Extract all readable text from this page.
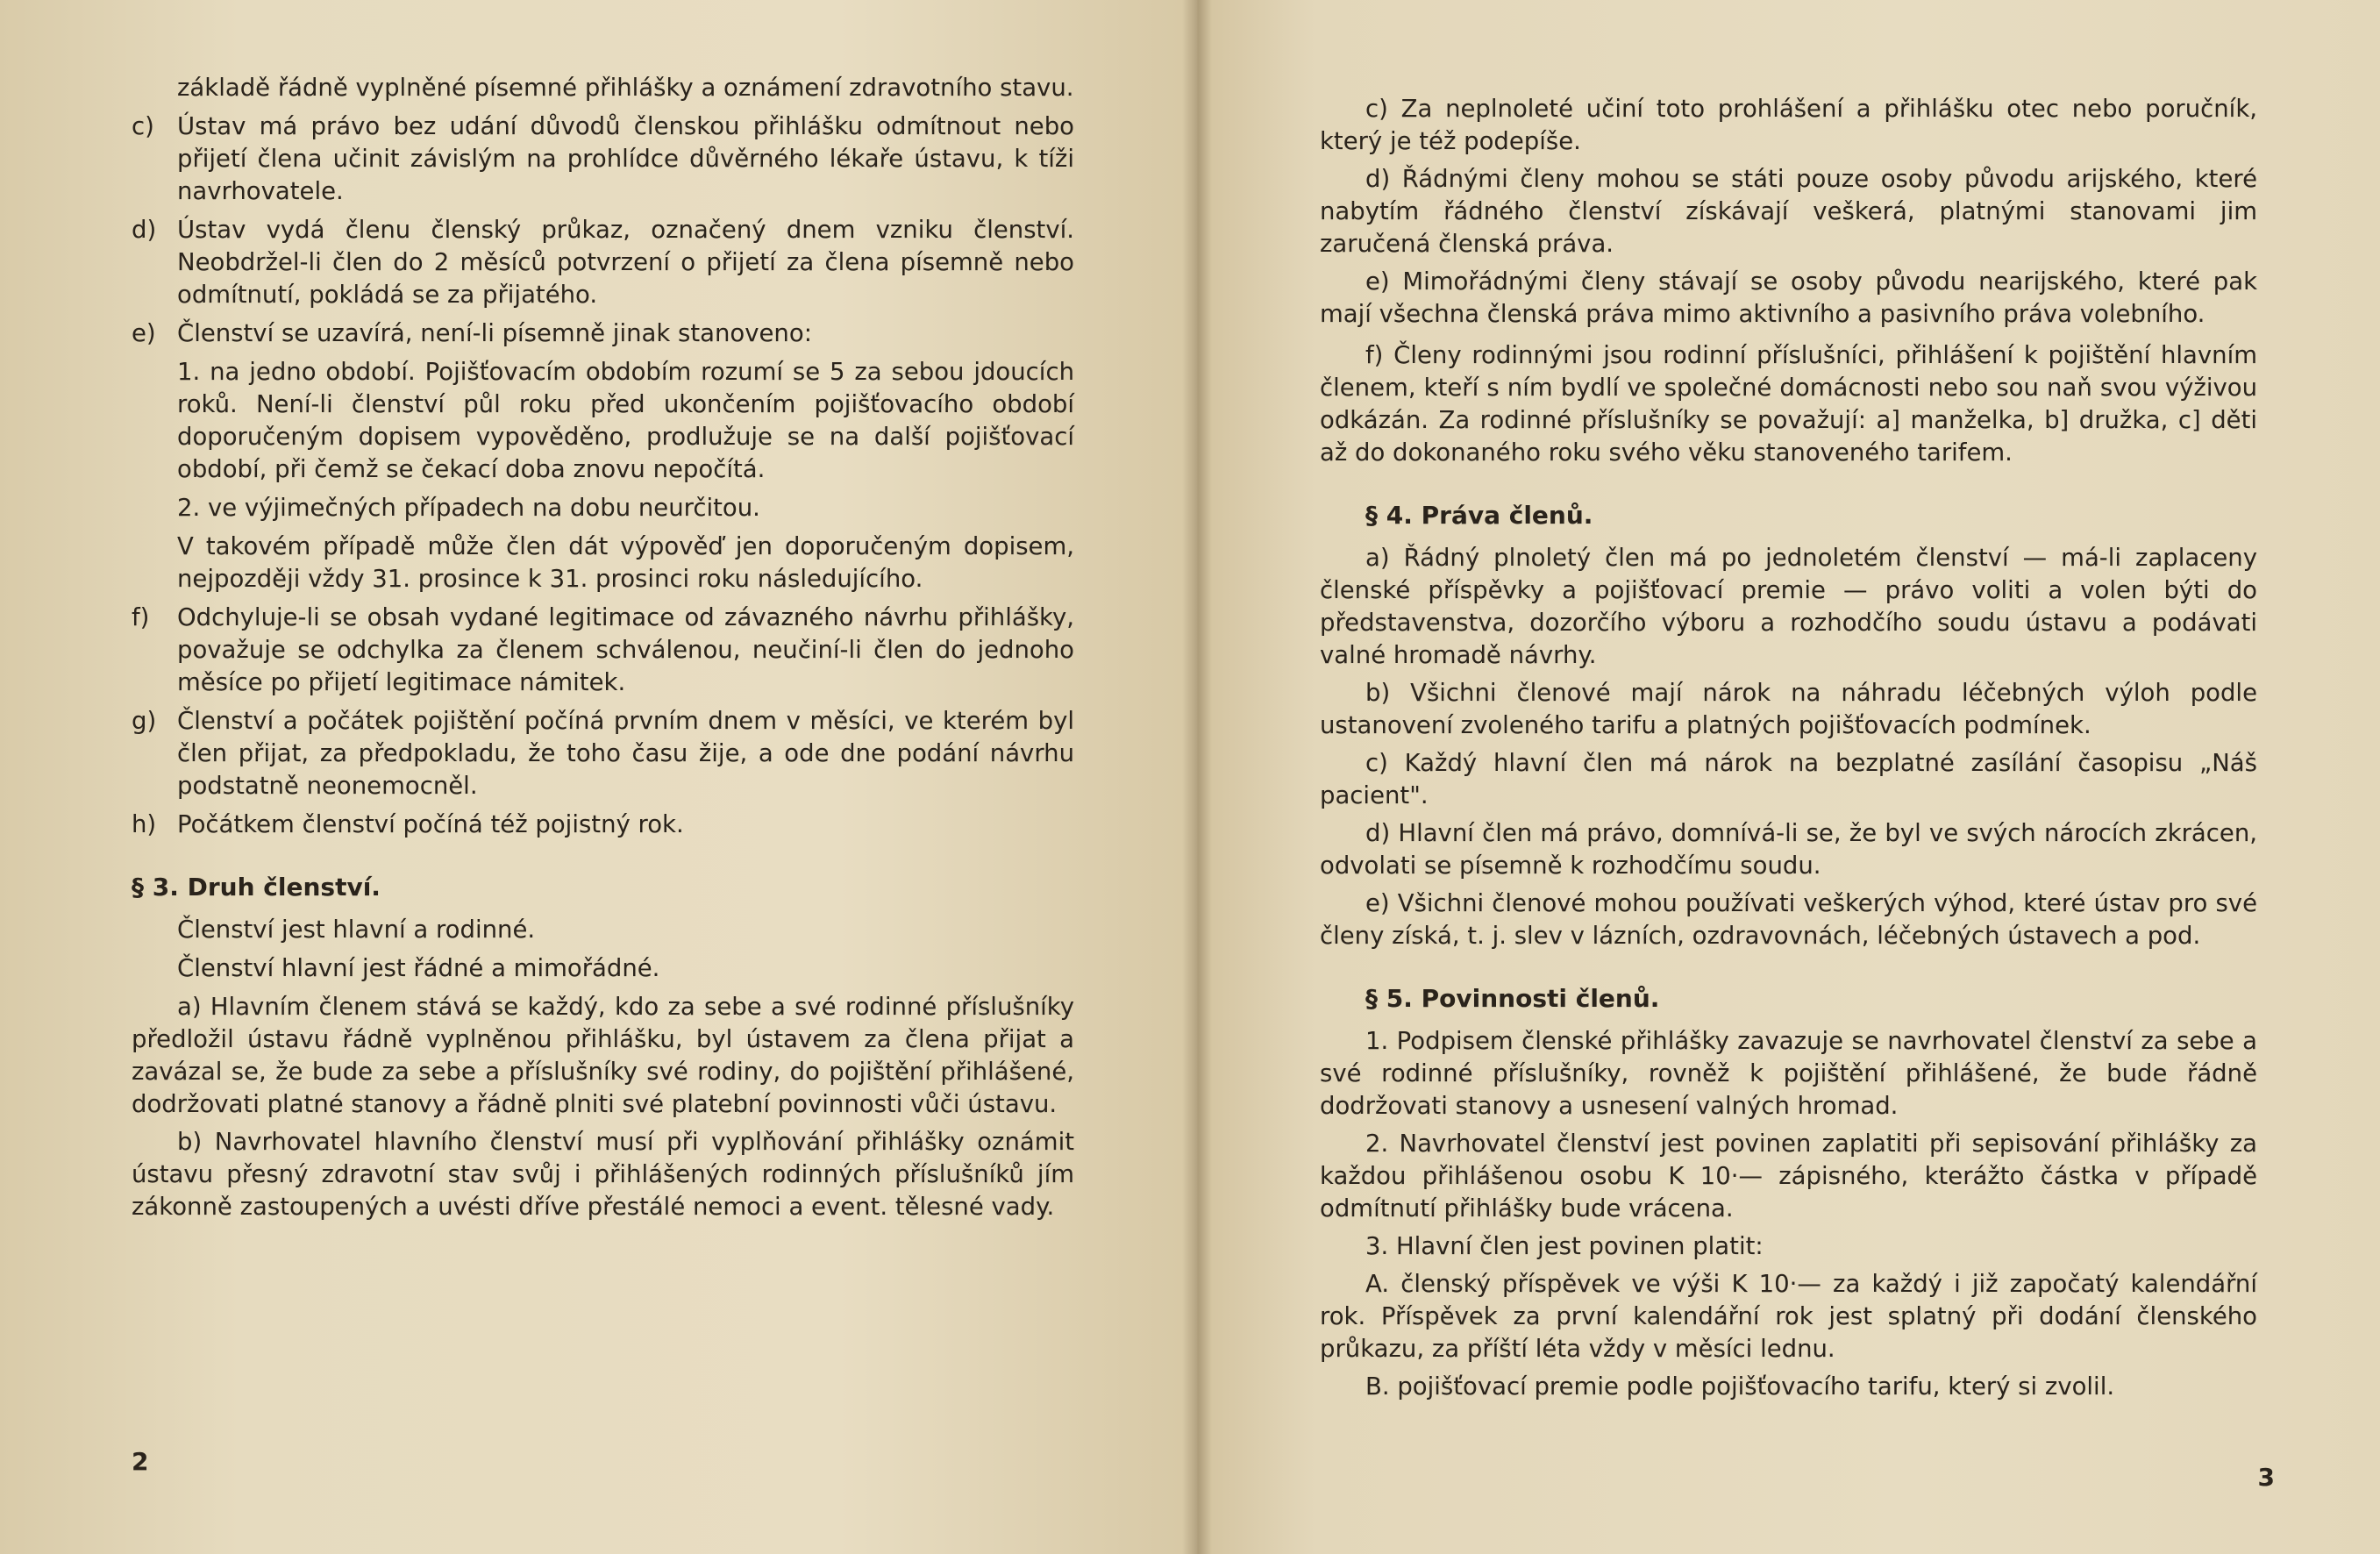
základě řádně vyplněné písemné přihlášky a oznámení zdravotního stavu.

c) Ústav má právo bez udání důvodů členskou přihlášku odmítnout nebo přijetí člena učinit závislým na prohlídce důvěrného lékaře ústavu, k tíži navrhovatele.

d) Ústav vydá členu členský průkaz, označený dnem vzniku členství. Neobdržel-li člen do 2 měsíců potvrzení o přijetí za člena písemně nebo odmítnutí, pokládá se za přijatého.

e) Členství se uzavírá, není-li písemně jinak stanoveno:

1. na jedno období. Pojišťovacím obdobím rozumí se 5 za sebou jdoucích roků. Není-li členství půl roku před ukončením pojišťovacího období doporučeným dopisem vypověděno, prodlužuje se na další pojišťovací období, při čemž se čekací doba znovu nepočítá.

2. ve výjimečných případech na dobu neurčitou.

V takovém případě může člen dát výpověď jen doporučeným dopisem, nejpozději vždy 31. prosince k 31. prosinci roku následujícího.

f)	Odchyluje-li se obsah vydané legitimace od závazného návrhu přihlášky, považuje se odchylka za členem schválenou, neučiní-li člen do jednoho měsíce po přijetí legitimace námitek.

g) Členství a počátek pojištění počíná prvním dnem v měsíci, ve kterém byl člen přijat, za předpokladu, že toho času žije, a ode dne podání návrhu podstatně neonemocněl.

h) Počátkem členství počíná též pojistný rok.

§ 3. Druh členství.

Členství jest hlavní a rodinné.

Členství hlavní jest řádné a mimořádné.

a) Hlavním členem stává se každý, kdo za sebe a své rodinné příslušníky předložil ústavu řádně vyplněnou přihlášku, byl ústavem za člena přijat a zavázal se, že bude za sebe a příslušníky své rodiny, do pojištění přihlášené, dodržovati platné stanovy a řádně plniti své platební povinnosti vůči ústavu.

b) Navrhovatel hlavního členství musí při vyplňování přihlášky oznámit ústavu přesný zdravotní stav svůj i přihlášených rodinných příslušníků jím zákonně zastoupených a uvésti dříve přestálé nemoci a event. tělesné vady.

2

c) Za neplnoleté učiní toto prohlášení a přihlášku otec nebo poručník, který je též podepíše.

d) Řádnými členy mohou se státi pouze osoby původu arijského, které nabytím řádného členství získávají veškerá, platnými stanovami jim zaručená členská práva.

e) Mimořádnými členy stávají se osoby původu nearijského, které pak mají všechna členská práva mimo aktivního a pasivního práva volebního.

f) Členy rodinnými jsou rodinní příslušníci, přihlášení k pojištění hlavním členem, kteří s ním bydlí ve společné domácnosti nebo sou naň svou výživou odkázán. Za rodinné příslušníky se považují: a] manželka, b] družka, c] děti až do dokonaného roku svého věku stanoveného tarifem.

§ 4. Práva členů.

a) Řádný plnoletý člen má po jednoletém členství — má-li zaplaceny členské příspěvky a pojišťovací premie — právo voliti a volen býti do představenstva, dozorčího výboru a rozhodčího soudu ústavu a podávati valné hromadě návrhy.

b) Všichni členové mají nárok na náhradu léčebných výloh podle ustanovení zvoleného tarifu a platných pojišťovacích podmínek.

c) Každý hlavní člen má nárok na bezplatné zasílání časopisu „Náš pacient".

d) Hlavní člen má právo, domnívá-li se, že byl ve svých nárocích zkrácen, odvolati se písemně k rozhodčímu soudu.

e) Všichni členové mohou používati veškerých výhod, které ústav pro své členy získá, t. j. slev v lázních, ozdravovnách, léčebných ústavech a pod.

§ 5. Povinnosti členů.

1. Podpisem členské přihlášky zavazuje se navrhovatel členství za sebe a své rodinné příslušníky, rovněž k pojištění přihlášené, že bude řádně dodržovati stanovy a usnesení valných hromad.

2. Navrhovatel členství jest povinen zaplatiti při sepisování přihlášky za každou přihlášenou osobu K 10·— zápisného, kterážto částka v případě odmítnutí přihlášky bude vrácena.

3. Hlavní člen jest povinen platit:

A. členský příspěvek ve výši K 10·— za každý i již započatý kalendářní rok. Příspěvek za první kalendářní rok jest splatný při dodání členského průkazu, za příští léta vždy v měsíci lednu.

B. pojišťovací premie podle pojišťovacího tarifu, který si zvolil.

3
